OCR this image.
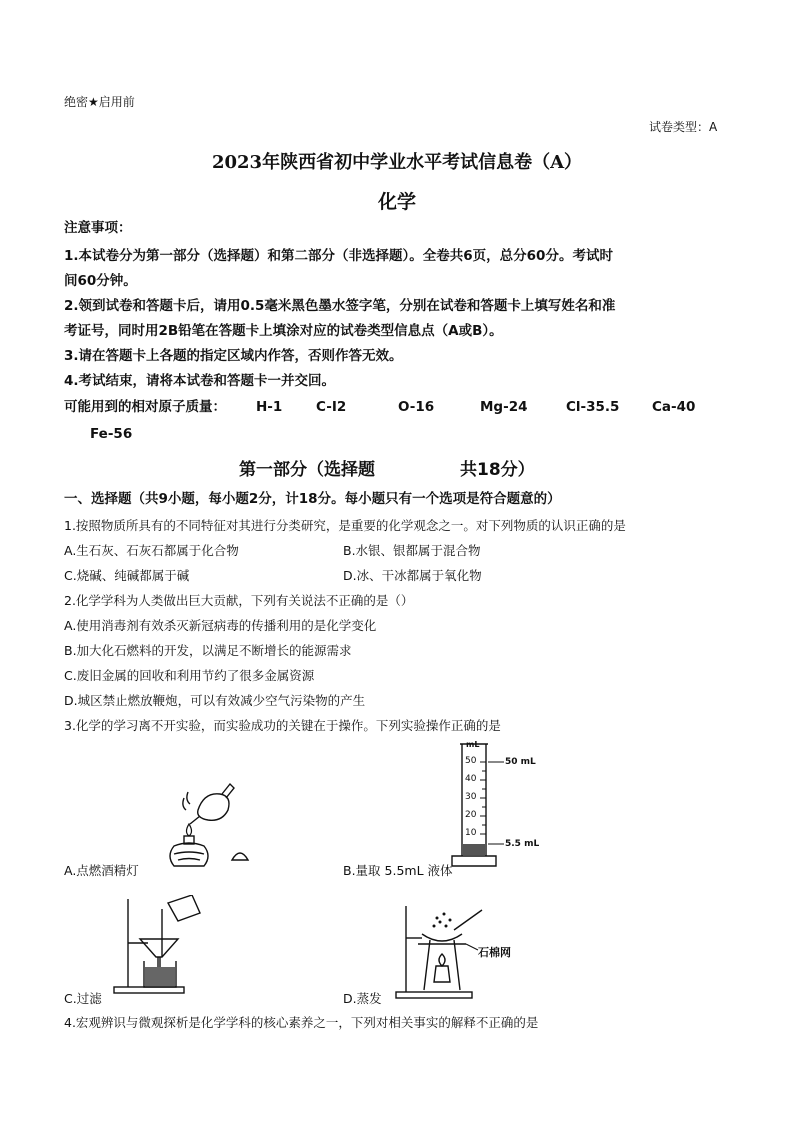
绝密★启用前
试卷类型：A
2023年陕西省初中学业水平考试信息卷（A）
化学
注意事项：
1.本试卷分为第一部分（选择题）和第二部分（非选择题）。全卷共6页，总分60分。考试时
间60分钟。
2.领到试卷和答题卡后，请用0.5毫米黑色墨水签字笔，分别在试卷和答题卡上填写姓名和准
考证号，同时用2B铅笔在答题卡上填涂对应的试卷类型信息点（A或B）。
3.请在答题卡上各题的指定区域内作答，否则作答无效。
4.考试结束，请将本试卷和答题卡一并交回。
可能用到的相对原子质量： H-1 C-I2	O-16	Mg-24	Cl-35.5 Ca-40
Fe-56
第一部分（选择题	共18分）
一、选择题（共9小题，每小题2分，计18分。每小题只有一个选项是符合题意的）
1.按照物质所具有的不同特征对其进行分类研究，是重要的化学观念之一。对下列物质的认识正确的是
A.生石灰、石灰石都属于化合物	B.水银、银都属于混合物
C.烧碱、纯碱都属于碱	D.冰、干冰都属于氧化物
2.化学学科为人类做出巨大贡献，下列有关说法不正确的是（）
A.使用消毒剂有效杀灭新冠病毒的传播利用的是化学变化
B.加大化石燃料的开发，以满足不断增长的能源需求
C.废旧金属的回收和利用节约了很多金属资源
D.城区禁止燃放鞭炮，可以有效减少空气污染物的产生
3.化学的学习离不开实验，而实验成功的关键在于操作。下列实验操作正确的是
A.点燃酒精灯
mL
50
40
30
20
10
50 mL
5.5 mL
B.量取 5.5mL 液体
C.过滤
石棉网
D.蒸发
4.宏观辨识与微观探析是化学学科的核心素养之一，下列对相关事实的解释不正确的是
